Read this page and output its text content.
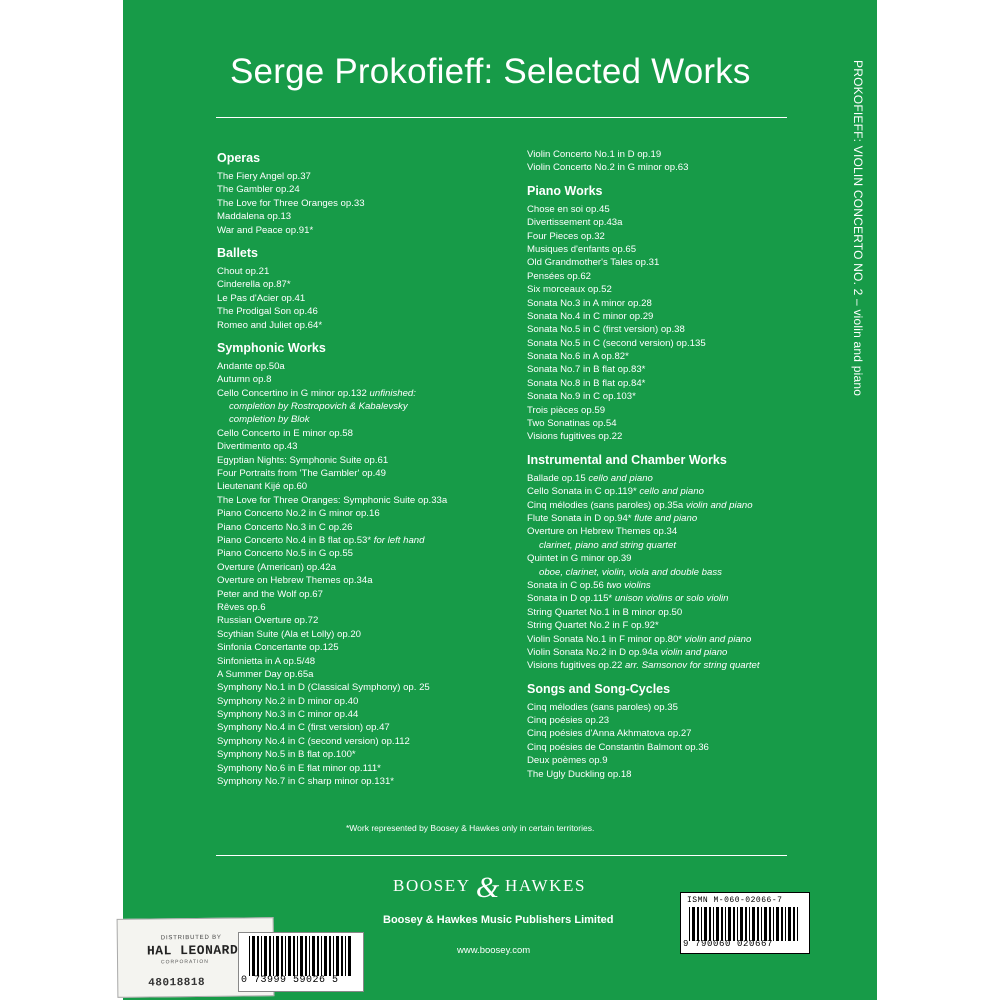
Serge Prokofieff: Selected Works	PROKOFIEFF: VIOLIN CONCERTO NO. 2 – violin and piano
Operas
The Fiery Angel op.37
The Gambler op.24
The Love for Three Oranges op.33
Maddalena op.13
War and Peace op.91*
Ballets
Chout op.21
Cinderella op.87*
Le Pas d'Acier op.41
The Prodigal Son op.46
Romeo and Juliet op.64*
Symphonic Works
Andante op.50a
Autumn op.8
Cello Concertino in G minor op.132 unfinished:
completion by Rostropovich & Kabalevsky
completion by Blok
Cello Concerto in E minor op.58
Divertimento op.43
Egyptian Nights: Symphonic Suite op.61
Four Portraits from 'The Gambler' op.49
Lieutenant Kijé op.60
The Love for Three Oranges: Symphonic Suite op.33a
Piano Concerto No.2 in G minor op.16
Piano Concerto No.3 in C op.26
Piano Concerto No.4 in B flat op.53* for left hand
Piano Concerto No.5 in G op.55
Overture (American) op.42a
Overture on Hebrew Themes op.34a
Peter and the Wolf op.67
Rêves op.6
Russian Overture op.72
Scythian Suite (Ala et Lolly) op.20
Sinfonia Concertante op.125
Sinfonietta in A op.5/48
A Summer Day op.65a
Symphony No.1 in D (Classical Symphony) op. 25
Symphony No.2 in D minor op.40
Symphony No.3 in C minor op.44
Symphony No.4 in C (first version) op.47
Symphony No.4 in C (second version) op.112
Symphony No.5 in B flat op.100*
Symphony No.6 in E flat minor op.111*
Symphony No.7 in C sharp minor op.131*
Violin Concerto No.1 in D op.19
Violin Concerto No.2 in G minor op.63
Piano Works
Chose en soi op.45
Divertissement op.43a
Four Pieces op.32
Musiques d'enfants op.65
Old Grandmother's Tales op.31
Pensées op.62
Six morceaux op.52
Sonata No.3 in A minor op.28
Sonata No.4 in C minor op.29
Sonata No.5 in C (first version) op.38
Sonata No.5 in C (second version) op.135
Sonata No.6 in A op.82*
Sonata No.7 in B flat op.83*
Sonata No.8 in B flat op.84*
Sonata No.9 in C op.103*
Trois pièces op.59
Two Sonatinas op.54
Visions fugitives op.22
Instrumental and Chamber Works
Ballade op.15 cello and piano
Cello Sonata in C op.119* cello and piano
Cinq mélodies (sans paroles) op.35a violin and piano
Flute Sonata in D op.94* flute and piano
Overture on Hebrew Themes op.34
clarinet, piano and string quartet
Quintet in G minor op.39
oboe, clarinet, violin, viola and double bass
Sonata in C op.56 two violins
Sonata in D op.115* unison violins or solo violin
String Quartet No.1 in B minor op.50
String Quartet No.2 in F op.92*
Violin Sonata No.1 in F minor op.80* violin and piano
Violin Sonata No.2 in D op.94a violin and piano
Visions fugitives op.22 arr. Samsonov for string quartet
Songs and Song-Cycles
Cinq mélodies (sans paroles) op.35
Cinq poésies op.23
Cinq poésies d'Anna Akhmatova op.27
Cinq poésies de Constantin Balmont op.36
Deux poèmes op.9
The Ugly Duckling op.18
*Work represented by Boosey & Hawkes only in certain territories.
BOOSEY & HAWKES
Boosey & Hawkes Music Publishers Limited
www.boosey.com
ISMN M-060-02066-7
9 790060 020667
DISTRIBUTED BY
HAL LEONARD
CORPORATION
48018818	0 73999 59026 5
